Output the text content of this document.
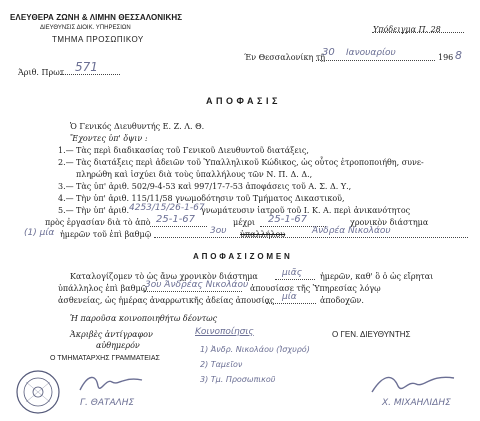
ΕΛΕΥΘΕΡΑ ΖΩΝΗ & ΛΙΜΗΝ ΘΕΣΣΑΛΟΝΙΚΗΣ
ΔΙΕΥΘΥΝΣΙΣ ΔΙΟΙΚ. ΥΠΗΡΕΣΙΩΝ
ΤΜΗΜΑ ΠΡΟΣΩΠΙΚΟΥ
Υπόδειγμα Π. 28
Άριθ. Πρωτ. 571
Έν Θεσσαλονίκη τῇ
30 Ιανουαρίου	196 8
Α Π Ο Φ Α Σ Ι Σ
Ὁ Γενικός Διευθυντής Ε. Ζ. Λ. Θ.
Ἔχοντες ὑπ' ὄψιν :
1.— Τὰς περὶ διαδικασίας τοῦ Γενικοῦ Διευθυντοῦ διατάξεις,
2.— Τὰς διατάξεις περὶ ἀδειῶν τοῦ Ὑπαλληλικοῦ Κώδικος, ὡς οὗτος ἐτροποποιήθη, συνε-
πληρώθη καὶ ἰσχύει διὰ τοὺς ὑπαλλήλους τῶν Ν. Π. Δ. Δ.,
3.— Τὰς ὑπ' ἀριθ. 502/9-4-53 καὶ 997/17-7-53 ἀποφάσεις τοῦ Α. Σ. Δ. Υ.,
4.— Τὴν ὑπ' ἀριθ. 115/11/58 γνωμοδότησιν τοῦ Τμήματος Δικαστικοῦ,
5.— Τὴν ὑπ' ἀριθ. 4253/15/26-1-67
γνωμάτευσιν ἰατροῦ τοῦ Ι. Κ. Α. περὶ ἀνικανότητος
πρὸς ἐργασίαν διὰ τὸ ἀπὸ 25-1-67	μέχρι 25-1-67	χρονικὸν διάστημα
(1) μία ἡμερῶν τοῦ ἐπὶ βαθμῷ	3ου ὑπαλλήλου	Ἀνδρέα Νικολάου
Α Π Ο Φ Α Σ Ι Ζ Ο Μ Ε Ν
Καταλογίζομεν τὸ ὡς ἄνω χρονικὸν διάστημα	μιᾶς ἡμερῶν, καθ' ὃ ὁ ὡς εἴρηται
ὑπάλληλος ἐπὶ βαθμῷ
3ου Ἀνδρέας Νικολάου ἀπουσίασε τῆς Ὑπηρεσίας λόγῳ
ἀσθενείας, ὡς ἡμέρας ἀναρρωτικῆς ἀδείας ἀπουσίας μία	ἀποδοχῶν.
Ἡ παροῦσα κοινοποιηθήτω δέοντως
Ἀκριβὲς ἀντίγραφον
αὐθημερόν
Ο ΤΜΗΜΑΤΑΡΧΗΣ ΓΡΑΜΜΑΤΕΙΑΣ
Κοινοποίησις
1) Ἀνδρ. Νικολάου (Ἰσχυρό)
2) Ταμεῖον
3) Τμ. Προσωπικοῦ
Ο ΓΕΝ. ΔΙΕΥΘΥΝΤΗΣ
Γ. ΘΑΤΑΛΗΣ	Χ. ΜΙΧΑΗΛΙΔΗΣ
